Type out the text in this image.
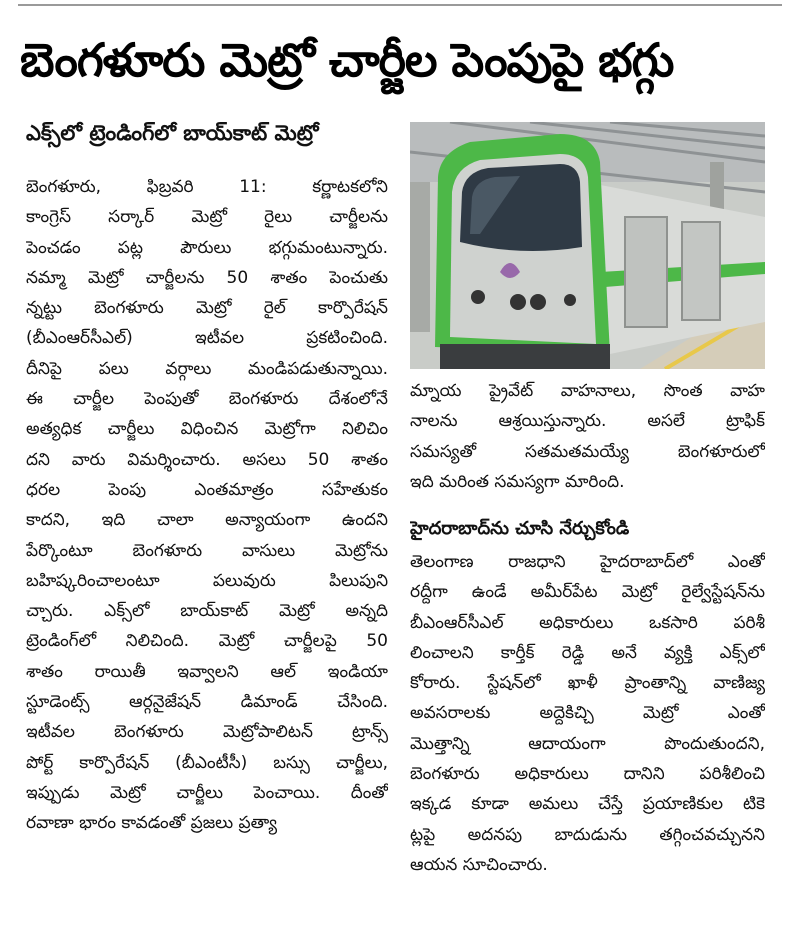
బెంగళూరు మెట్రో చార్జీల పెంపుపై భగ్గు
ఎక్స్‌లో ట్రెండింగ్‌లో బాయ్‌కాట్ మెట్రో
బెంగళూరు, ఫిబ్రవరి 11: కర్ణాటకలోని
కాంగ్రెస్ సర్కార్ మెట్రో రైలు చార్జీలను
పెంచడం పట్ల పౌరులు భగ్గుమంటున్నారు.
నమ్మా మెట్రో చార్జీలను 50 శాతం పెంచుతు
న్నట్టు బెంగళూరు మెట్రో రైల్ కార్పొరేషన్
(బీఎంఆర్‌సీఎల్) ఇటీవల ప్రకటించింది.
దీనిపై పలు వర్గాలు మండిపడుతున్నాయి.
ఈ చార్జీల పెంపుతో బెంగళూరు దేశంలోనే
అత్యధిక చార్జీలు విధించిన మెట్రోగా నిలిచిం
దని వారు విమర్శించారు. అసలు 50 శాతం
ధరల పెంపు ఎంతమాత్రం సహేతుకం
కాదని, ఇది చాలా అన్యాయంగా ఉందని
పేర్కొంటూ బెంగళూరు వాసులు మెట్రోను
బహిష్కరించాలంటూ పలువురు పిలుపుని
చ్చారు. ఎక్స్‌లో బాయ్‌కాట్ మెట్రో అన్నది
ట్రెండింగ్‌లో నిలిచింది. మెట్రో చార్జీలపై 50
శాతం రాయితీ ఇవ్వాలని ఆల్ ఇండియా
స్టూడెంట్స్ ఆర్గనైజేషన్ డిమాండ్ చేసింది.
ఇటీవల బెంగళూరు మెట్రోపాలిటన్ ట్రాన్స్
పోర్ట్ కార్పొరేషన్ (బీఎంటీసీ) బస్సు చార్జీలు,
ఇప్పుడు మెట్రో చార్జీలు పెంచాయి. దీంతో
రవాణా భారం కావడంతో ప్రజలు ప్రత్యా
మ్నాయ ప్రైవేట్ వాహనాలు, సొంత వాహ
నాలను ఆశ్రయిస్తున్నారు. అసలే ట్రాఫిక్
సమస్యతో సతమతమయ్యే బెంగళూరులో
ఇది మరింత సమస్యగా మారింది.
హైదరాబాద్‌ను చూసి నేర్చుకోండి
తెలంగాణ రాజధాని హైదరాబాద్‌లో ఎంతో
రద్దీగా ఉండే అమీర్‌పేట మెట్రో రైల్వేస్టేషన్‌ను
బీఎంఆర్‌సీఎల్ అధికారులు ఒకసారి పరిశీ
లించాలని కార్తీక్ రెడ్డి అనే వ్యక్తి ఎక్స్‌లో
కోరారు. స్టేషన్‌లో ఖాళీ ప్రాంతాన్ని వాణిజ్య
అవసరాలకు అద్దెకిచ్చి మెట్రో ఎంతో
మొత్తాన్ని ఆదాయంగా పొందుతుందని,
బెంగళూరు అధికారులు దానిని పరిశీలించి
ఇక్కడ కూడా అమలు చేస్తే ప్రయాణికుల టికె
ట్లపై అదనపు బాదుడును తగ్గించవచ్చునని
ఆయన సూచించారు.
